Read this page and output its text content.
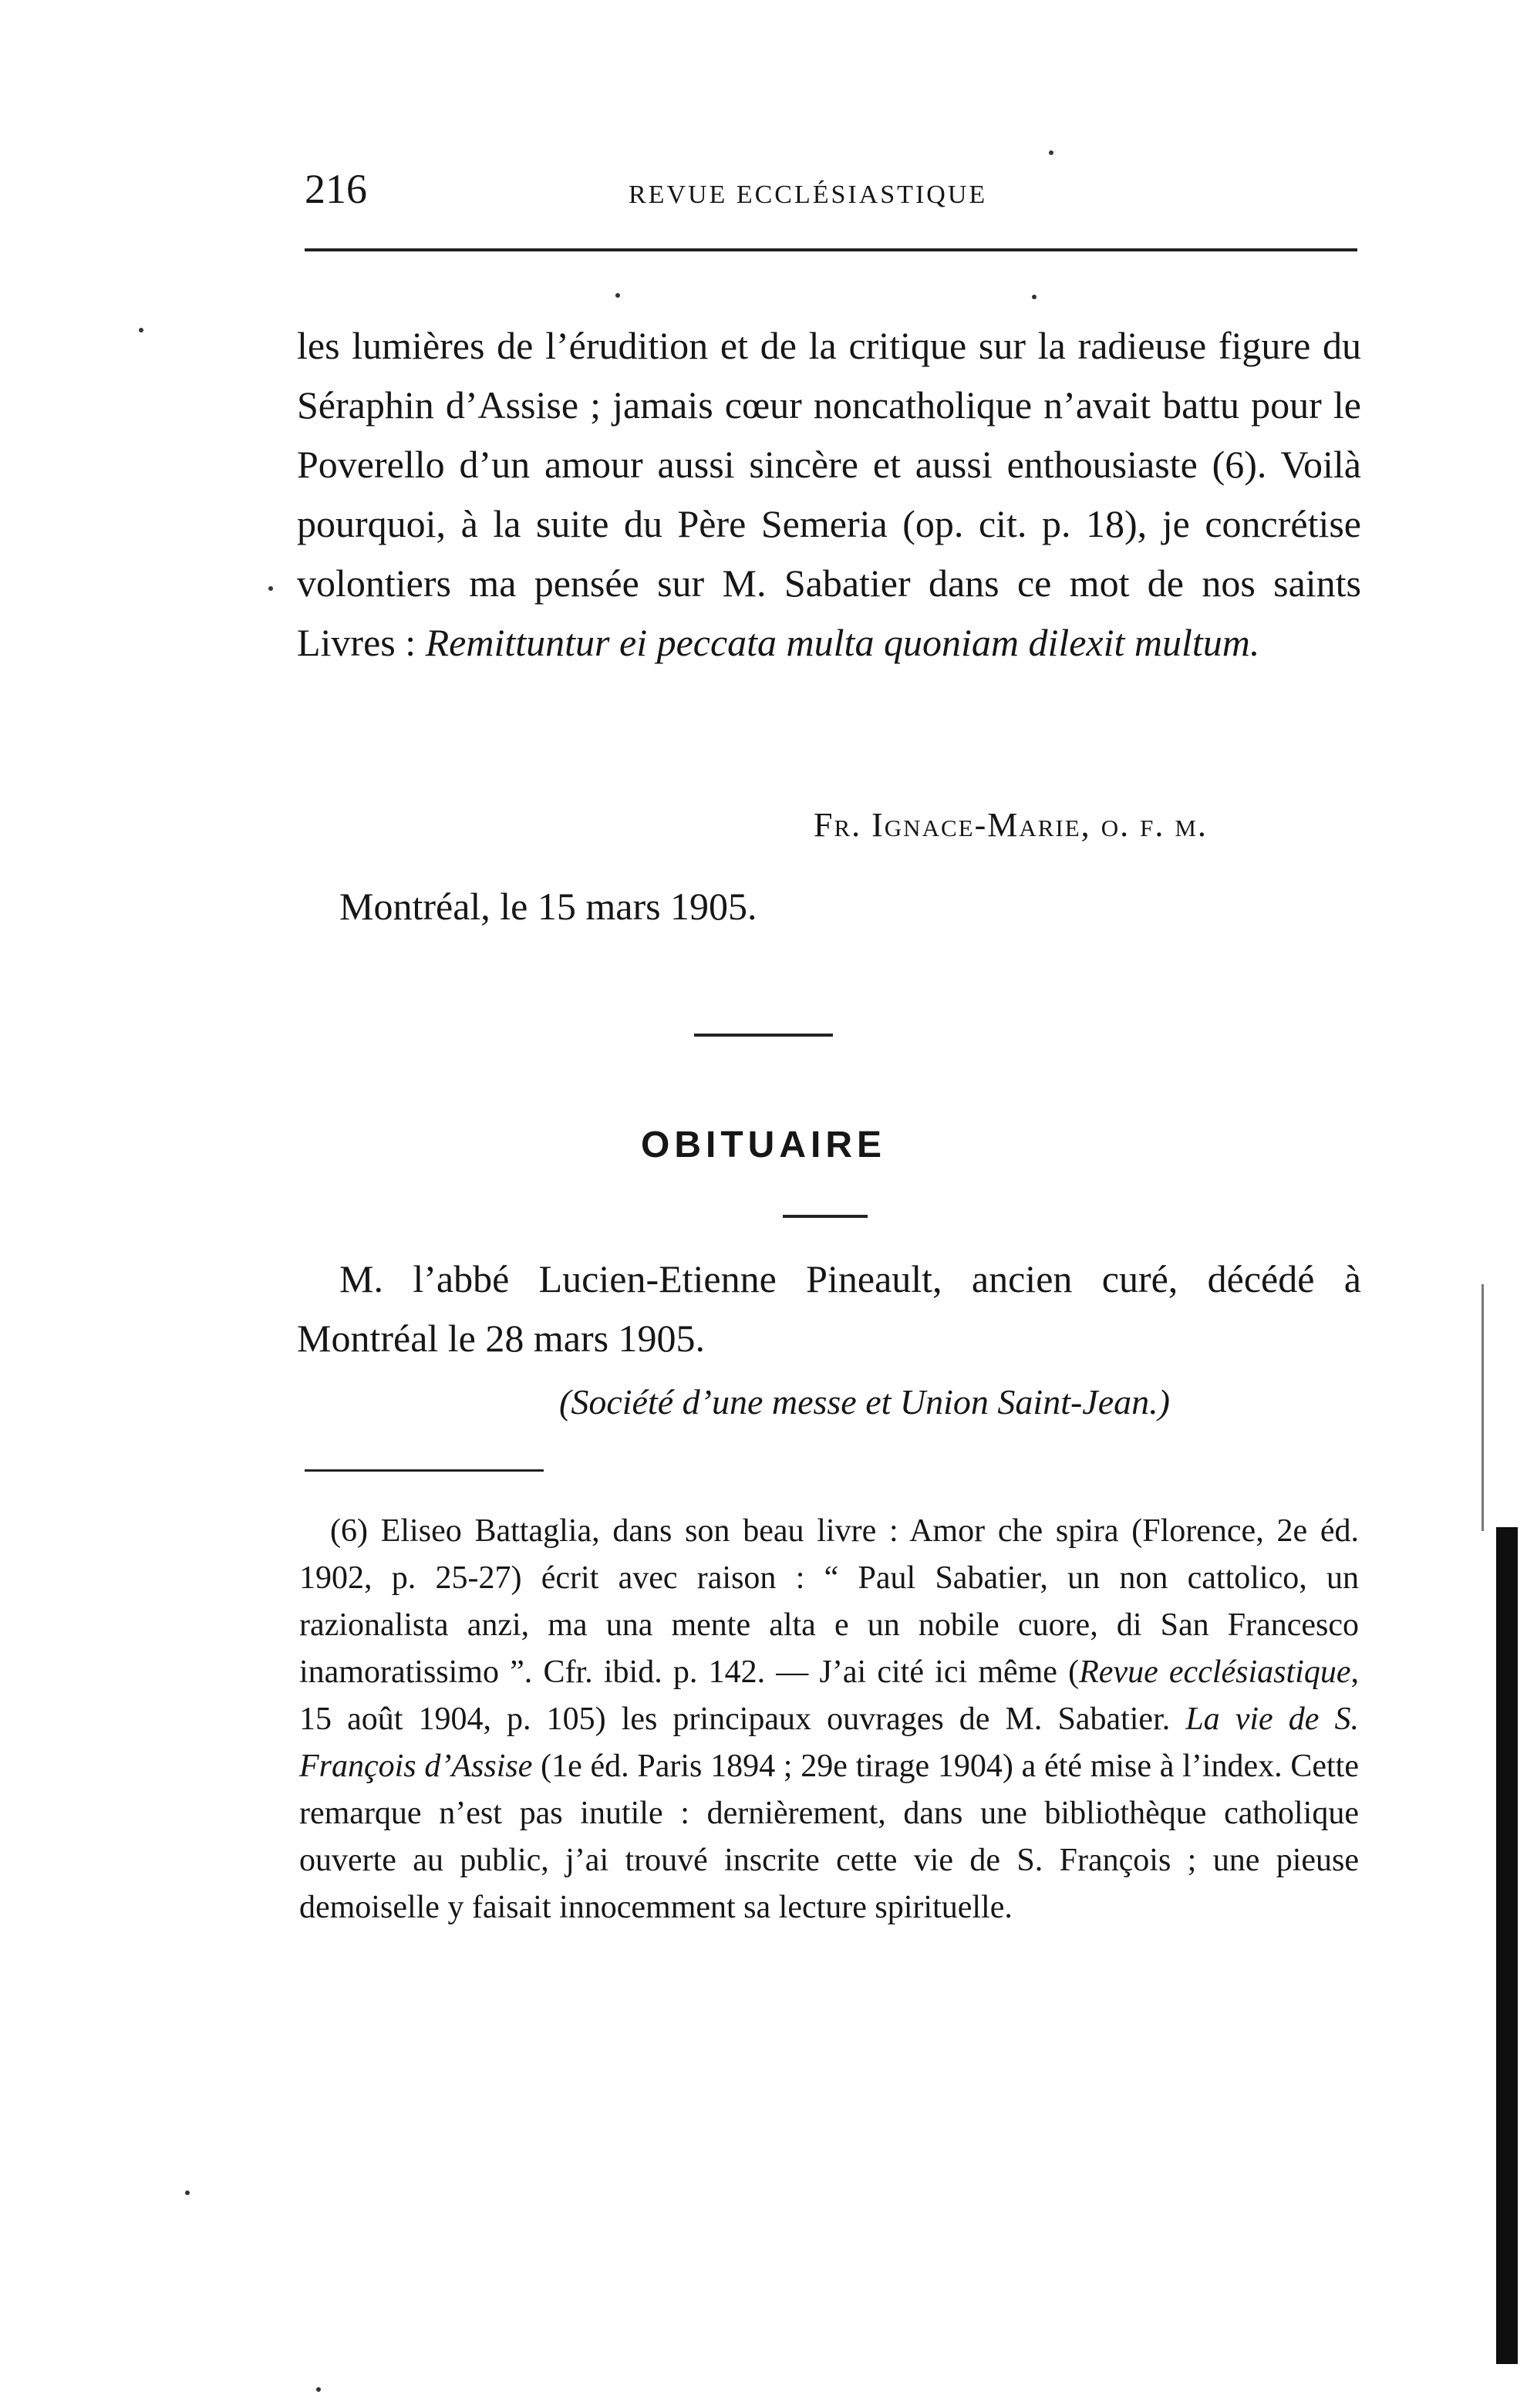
216	REVUE ECCLÉSIASTIQUE

les lumières de l’érudition et de la critique sur la radieuse figure du Séraphin d’Assise ; jamais cœur noncatholique n’avait battu pour le Poverello d’un amour aussi sincère et aussi enthousiaste (6). Voilà pourquoi, à la suite du Père Semeria (op. cit. p. 18), je concrétise volontiers ma pensée sur M. Sabatier dans ce mot de nos saints Livres : Remittuntur ei peccata multa quoniam dilexit multum.

Fr. Ignace-Marie, o. f. m.
Montréal, le 15 mars 1905.
OBITUAIRE

M. l’abbé Lucien-Etienne Pineault, ancien curé, décédé à Montréal le 28 mars 1905.

(Société d’une messe et Union Saint-Jean.)

(6) Eliseo Battaglia, dans son beau livre : Amor che spira (Florence, 2e éd. 1902, p. 25-27) écrit avec raison : “ Paul Sabatier, un non cattolico, un razionalista anzi, ma una mente alta e un nobile cuore, di San Francesco inamoratissimo ”. Cfr. ibid. p. 142. — J’ai cité ici même (Revue ecclésiastique, 15 août 1904, p. 105) les principaux ouvrages de M. Sabatier. La vie de S. François d’Assise (1e éd. Paris 1894 ; 29e tirage 1904) a été mise à l’index. Cette remarque n’est pas inutile : dernièrement, dans une bibliothèque catholique ouverte au public, j’ai trouvé inscrite cette vie de S. François ; une pieuse demoiselle y faisait innocemment sa lecture spirituelle.
